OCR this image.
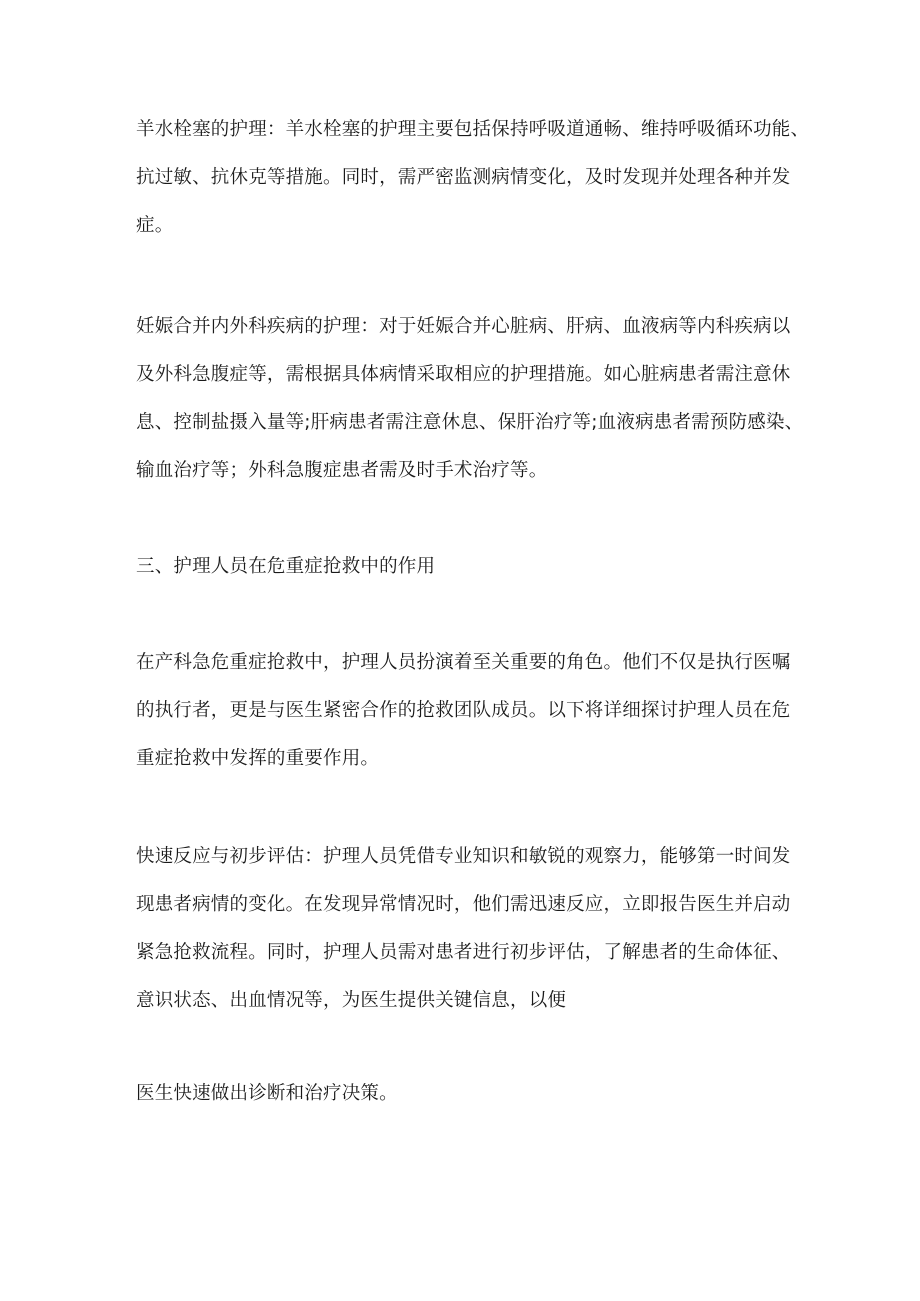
羊水栓塞的护理：羊水栓塞的护理主要包括保持呼吸道通畅、维持呼吸循环功能、
抗过敏、抗休克等措施。同时，需严密监测病情变化，及时发现并处理各种并发
症。

妊娠合并内外科疾病的护理：对于妊娠合并心脏病、肝病、血液病等内科疾病以
及外科急腹症等，需根据具体病情采取相应的护理措施。如心脏病患者需注意休
息、控制盐摄入量等;肝病患者需注意休息、保肝治疗等;血液病患者需预防感染、
输血治疗等；外科急腹症患者需及时手术治疗等。

三、护理人员在危重症抢救中的作用

在产科急危重症抢救中，护理人员扮演着至关重要的角色。他们不仅是执行医嘱
的执行者，更是与医生紧密合作的抢救团队成员。以下将详细探讨护理人员在危
重症抢救中发挥的重要作用。

快速反应与初步评估：护理人员凭借专业知识和敏锐的观察力，能够第一时间发
现患者病情的变化。在发现异常情况时，他们需迅速反应，立即报告医生并启动
紧急抢救流程。同时，护理人员需对患者进行初步评估，了解患者的生命体征、
意识状态、出血情况等，为医生提供关键信息，以便

医生快速做出诊断和治疗决策。
